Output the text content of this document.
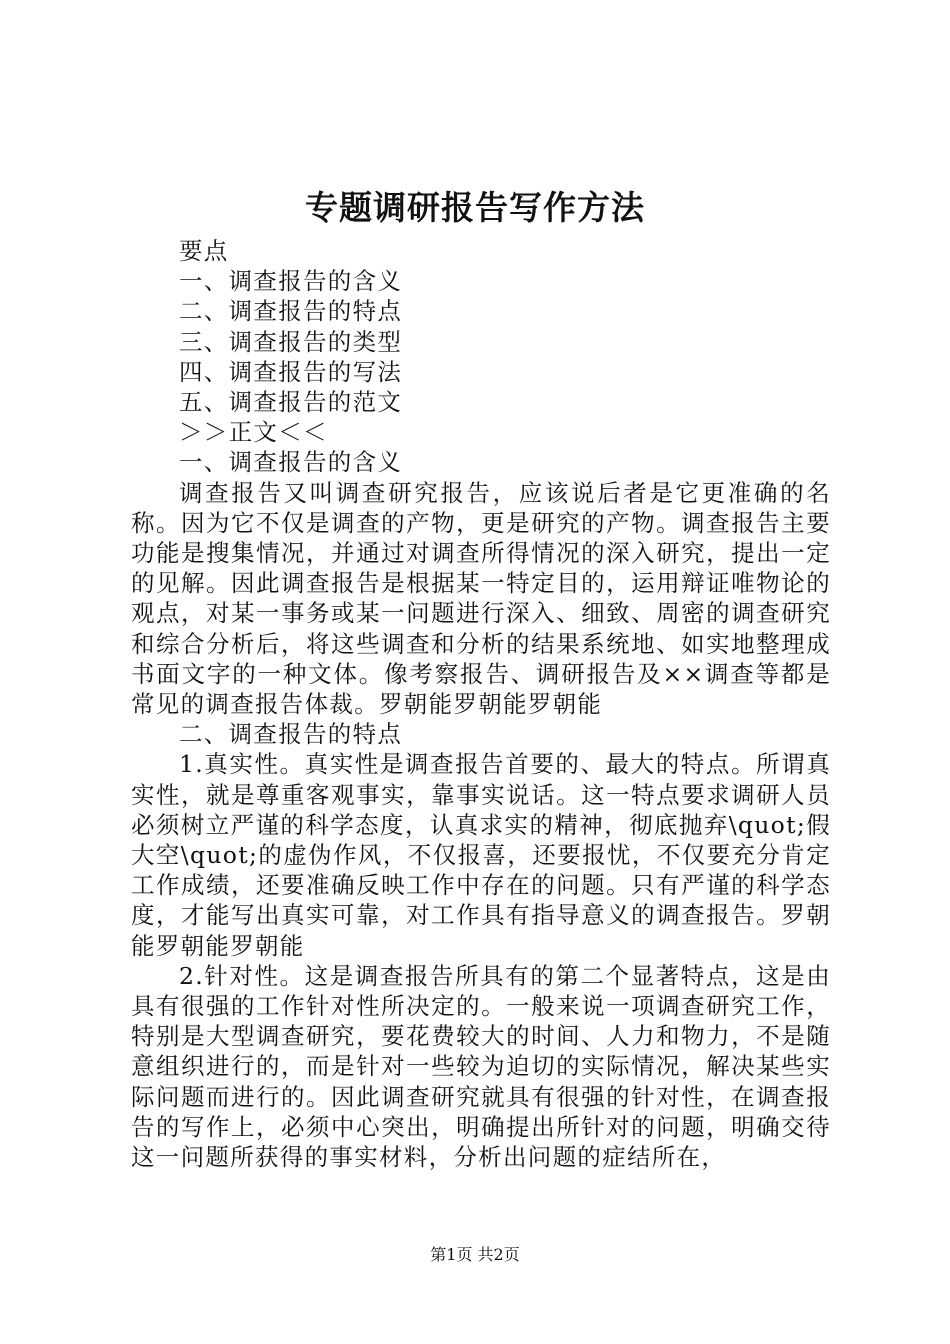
专题调研报告写作方法

要点

一、调查报告的含义

二、调查报告的特点

三、调查报告的类型

四、调查报告的写法

五、调查报告的范文

＞＞正文＜＜

一、调查报告的含义

调查报告又叫调查研究报告，应该说后者是它更准确的名称。因为它不仅是调查的产物，更是研究的产物。调查报告主要功能是搜集情况，并通过对调查所得情况的深入研究，提出一定的见解。因此调查报告是根据某一特定目的，运用辩证唯物论的观点，对某一事务或某一问题进行深入、细致、周密的调查研究和综合分析后，将这些调查和分析的结果系统地、如实地整理成书面文字的一种文体。像考察报告、调研报告及××调查等都是常见的调查报告体裁。罗朝能罗朝能罗朝能

二、调查报告的特点

1.真实性。真实性是调查报告首要的、最大的特点。所谓真实性，就是尊重客观事实，靠事实说话。这一特点要求调研人员必须树立严谨的科学态度，认真求实的精神，彻底抛弃\quot;假大空\quot;的虚伪作风，不仅报喜，还要报忧，不仅要充分肯定工作成绩，还要准确反映工作中存在的问题。只有严谨的科学态度，才能写出真实可靠，对工作具有指导意义的调查报告。罗朝能罗朝能罗朝能

2.针对性。这是调查报告所具有的第二个显著特点，这是由具有很强的工作针对性所决定的。一般来说一项调查研究工作，特别是大型调查研究，要花费较大的时间、人力和物力，不是随意组织进行的，而是针对一些较为迫切的实际情况，解决某些实际问题而进行的。因此调查研究就具有很强的针对性，在调查报告的写作上，必须中心突出，明确提出所针对的问题，明确交待这一问题所获得的事实材料，分析出问题的症结所在，

第1页 共2页
